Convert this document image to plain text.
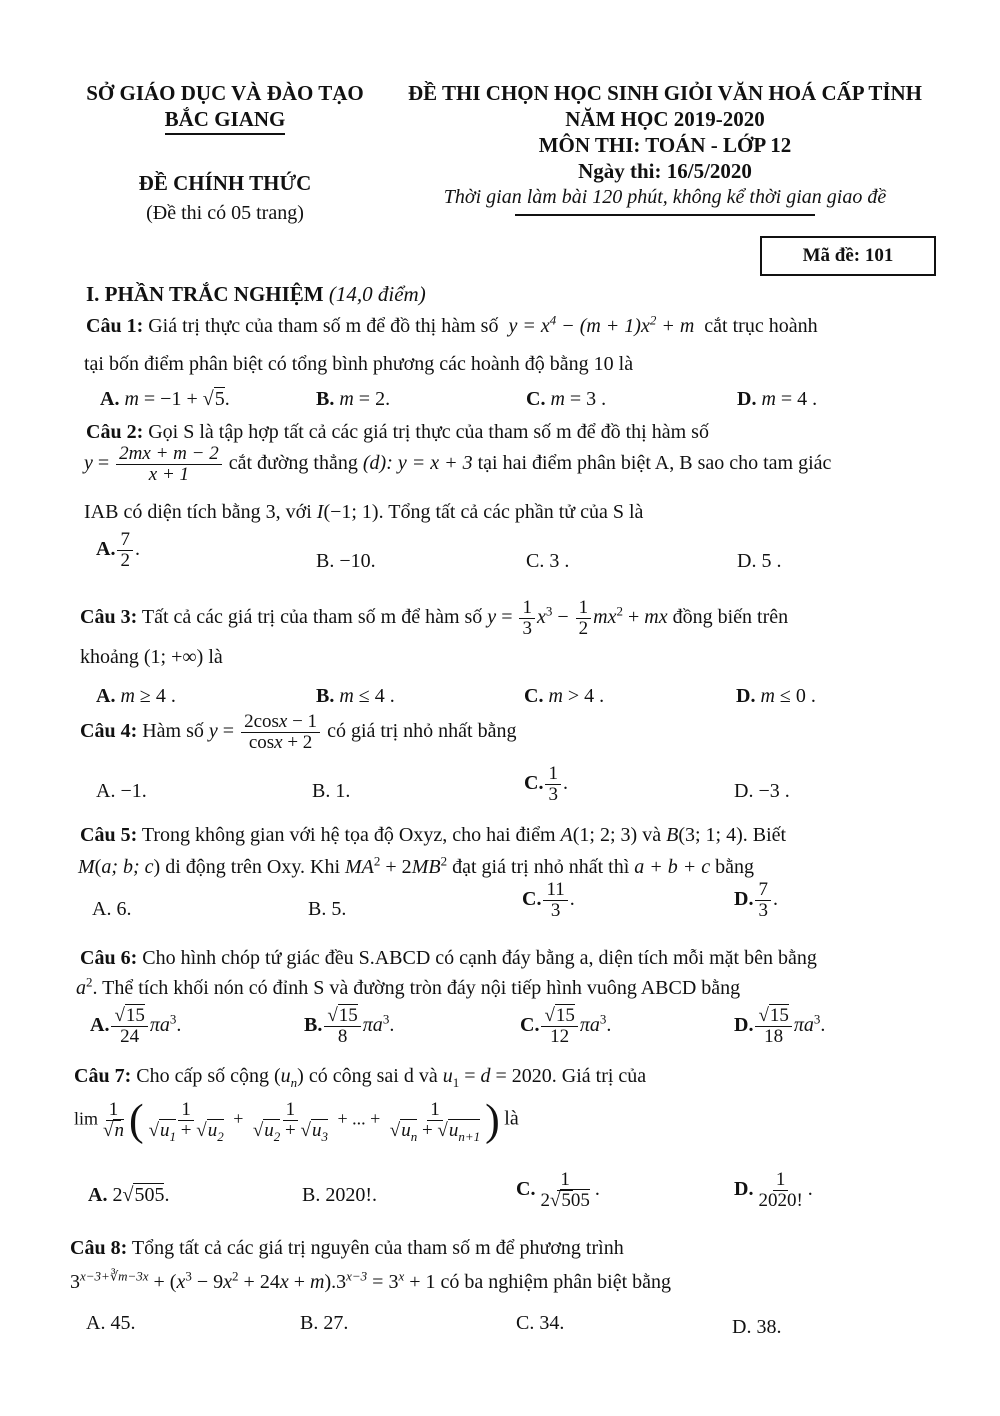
SỞ GIÁO DỤC VÀ ĐÀO TẠO
BẮC GIANG
ĐỀ CHÍNH THỨC
(Đề thi có 05 trang)
ĐỀ THI CHỌN HỌC SINH GIỎI VĂN HOÁ CẤP TỈNH
NĂM HỌC 2019-2020
MÔN THI: TOÁN - LỚP 12
Ngày thi: 16/5/2020
Thời gian làm bài 120 phút, không kể thời gian giao đề
Mã đề: 101
I. PHẦN TRẮC NGHIỆM (14,0 điểm)
Câu 1: Giá trị thực của tham số m để đồ thị hàm số  $y = x^4 - (m + 1)x^2 + m$  cắt trục hoành
tại bốn điểm phân biệt có tổng bình phương các hoành độ bằng 10 là
A. m = −1 + √5.	B. m = 2.	C. m = 3 .	D. m = 4 .
Câu 2: Gọi S là tập hợp tất cả các giá trị thực của tham số m để đồ thị hàm số
$y = \frac{2mx + m - 2}{x + 1}$ cắt đường thẳng (d): y = x + 3 tại hai điểm phân biệt A, B sao cho tam giác
IAB có diện tích bằng 3, với I(−1; 1). Tổng tất cả các phần tử của S là
A. $\frac{7}{2}$ .
B. −10.	C. 3 .	D. 5 .
Câu 3: Tất cả các giá trị của tham số m để hàm số $y = \frac{1}{3} x^3 - \frac{1}{2} mx^2$ + mx đồng biến trên
khoảng (1; +∞) là
A. m ≥ 4 .	B. m ≤ 4 .	C. m > 4 .	D. m ≤ 0 .
Câu 4: Hàm số $y = \frac{2\cos x - 1}{\cos x + 2}$ có giá trị nhỏ nhất bằng
A. −1.	B. 1.	C. $\frac{1}{3}$ .	D. −3 .
Câu 5: Trong không gian với hệ tọa độ Oxyz, cho hai điểm A(1; 2; 3) và B(3; 1; 4). Biết
M(a; b; c) di động trên Oxy. Khi $MA^2 + 2MB^2$ đạt giá trị nhỏ nhất thì a + b + c bằng
A. 6.	B. 5.	C. $\frac{11}{3}$ .	D. $\frac{7}{3}$ .
Câu 6: Cho hình chóp tứ giác đều S.ABCD có cạnh đáy bằng a, diện tích mỗi mặt bên bằng
$a^2$. Thể tích khối nón có đỉnh S và đường tròn đáy nội tiếp hình vuông ABCD bằng
A. $\frac{√15}{24} \pi a^3$.	B. $\frac{√15}{8} \pi a^3$.	C. $\frac{√15}{12} \pi a^3$.	D. $\frac{√15}{18} \pi a^3$.
Câu 7: Cho cấp số cộng $(u_n)$ có công sai d và $u_1 = d = 2020$. Giá trị của
$\lim \frac{1}{√n}$ ( $\frac{1}{√u_1 + √u_2} + \frac{1}{√u_2 + √u_3}$ + ... + $\frac{1}{√u_n + √u_{n+1}}$ ) là
A. 2√505.	B. 2020!.	C. $\frac{1}{2√505}$ .	D. $\frac{1}{2020!}$ .
Câu 8: Tổng tất cả các giá trị nguyên của tham số m để phương trình
$3^{x-3+∛m-3x} + (x^3 - 9x^2 + 24x + m).3^{x-3} = 3^x + 1$ có ba nghiệm phân biệt bằng
A. 45.	B. 27.	C. 34.	D. 38.
